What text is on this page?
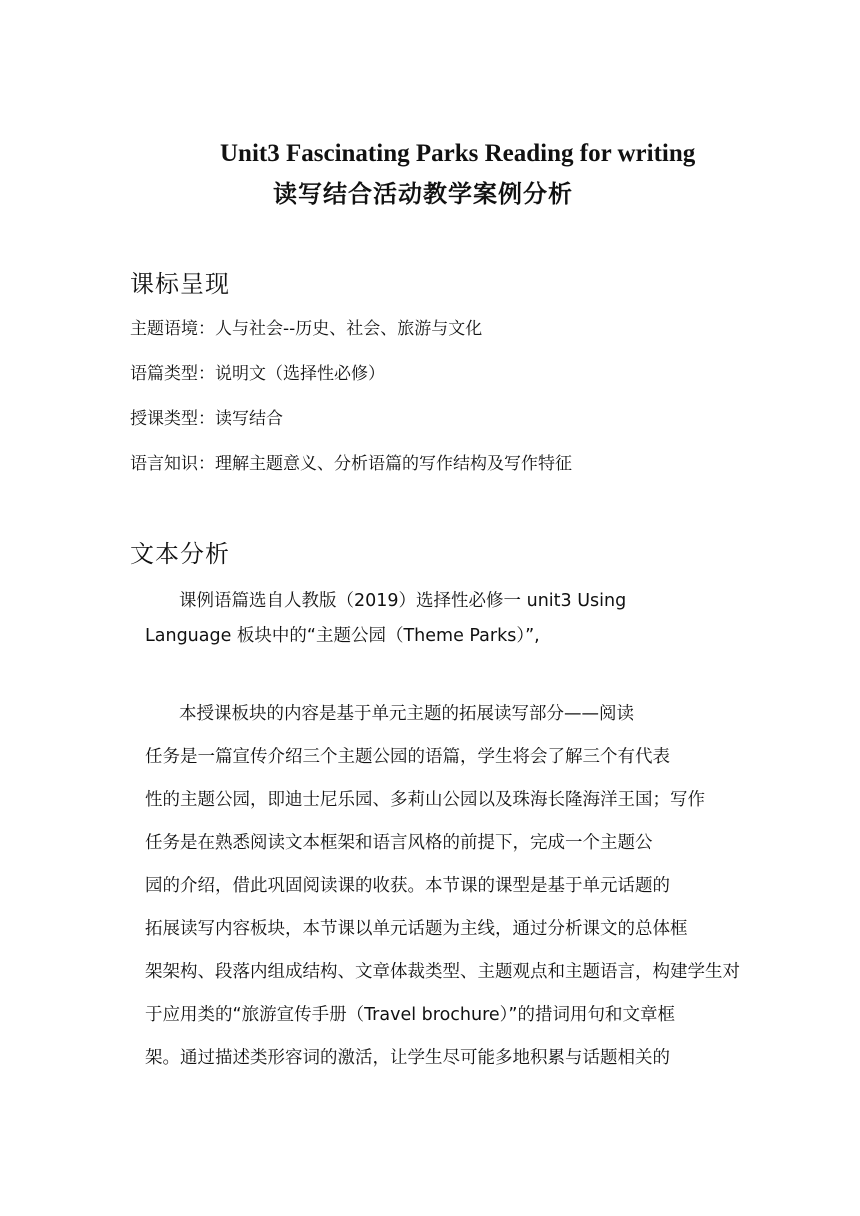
Unit3 Fascinating Parks Reading for writing
读写结合活动教学案例分析
课标呈现
主题语境：人与社会--历史、社会、旅游与文化
语篇类型：说明文（选择性必修）
授课类型：读写结合
语言知识：理解主题意义、分析语篇的写作结构及写作特征
文本分析
课例语篇选自人教版（2019）选择性必修一 unit3 Using
Language 板块中的“主题公园（Theme Parks）”,
本授课板块的内容是基于单元主题的拓展读写部分——阅读
任务是一篇宣传介绍三个主题公园的语篇，学生将会了解三个有代表
性的主题公园，即迪士尼乐园、多莉山公园以及珠海长隆海洋王国；写作
任务是在熟悉阅读文本框架和语言风格的前提下，完成一个主题公
园的介绍，借此巩固阅读课的收获。本节课的课型是基于单元话题的
拓展读写内容板块，本节课以单元话题为主线，通过分析课文的总体框
架架构、段落内组成结构、文章体裁类型、主题观点和主题语言，构建学生对
于应用类的“旅游宣传手册（Travel brochure）”的措词用句和文章框
架。通过描述类形容词的激活，让学生尽可能多地积累与话题相关的
